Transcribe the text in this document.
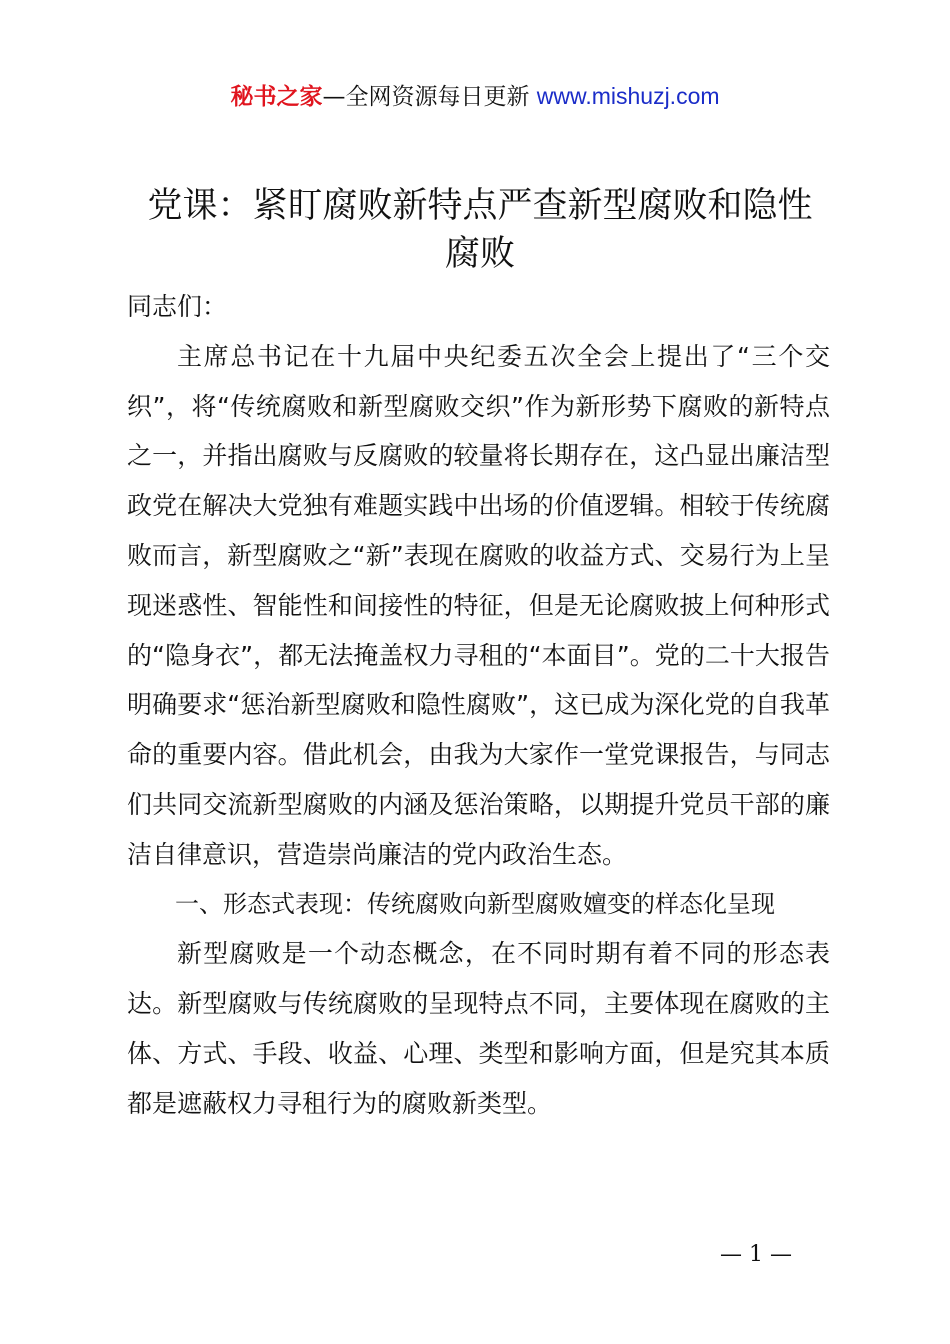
秘书之家—全网资源每日更新 www.mishuzj.com
党课：紧盯腐败新特点严查新型腐败和隐性腐败

同志们：

主席总书记在十九届中央纪委五次全会上提出了“三个交织”，将“传统腐败和新型腐败交织”作为新形势下腐败的新特点之一，并指出腐败与反腐败的较量将长期存在，这凸显出廉洁型政党在解决大党独有难题实践中出场的价值逻辑。相较于传统腐败而言，新型腐败之“新”表现在腐败的收益方式、交易行为上呈现迷惑性、智能性和间接性的特征，但是无论腐败披上何种形式的“隐身衣”，都无法掩盖权力寻租的“本面目”。党的二十大报告明确要求“惩治新型腐败和隐性腐败”，这已成为深化党的自我革命的重要内容。借此机会，由我为大家作一堂党课报告，与同志们共同交流新型腐败的内涵及惩治策略，以期提升党员干部的廉洁自律意识，营造崇尚廉洁的党内政治生态。

一、形态式表现：传统腐败向新型腐败嬗变的样态化呈现

新型腐败是一个动态概念，在不同时期有着不同的形态表达。新型腐败与传统腐败的呈现特点不同，主要体现在腐败的主体、方式、手段、收益、心理、类型和影响方面，但是究其本质都是遮蔽权力寻租行为的腐败新类型。

— 1 —
